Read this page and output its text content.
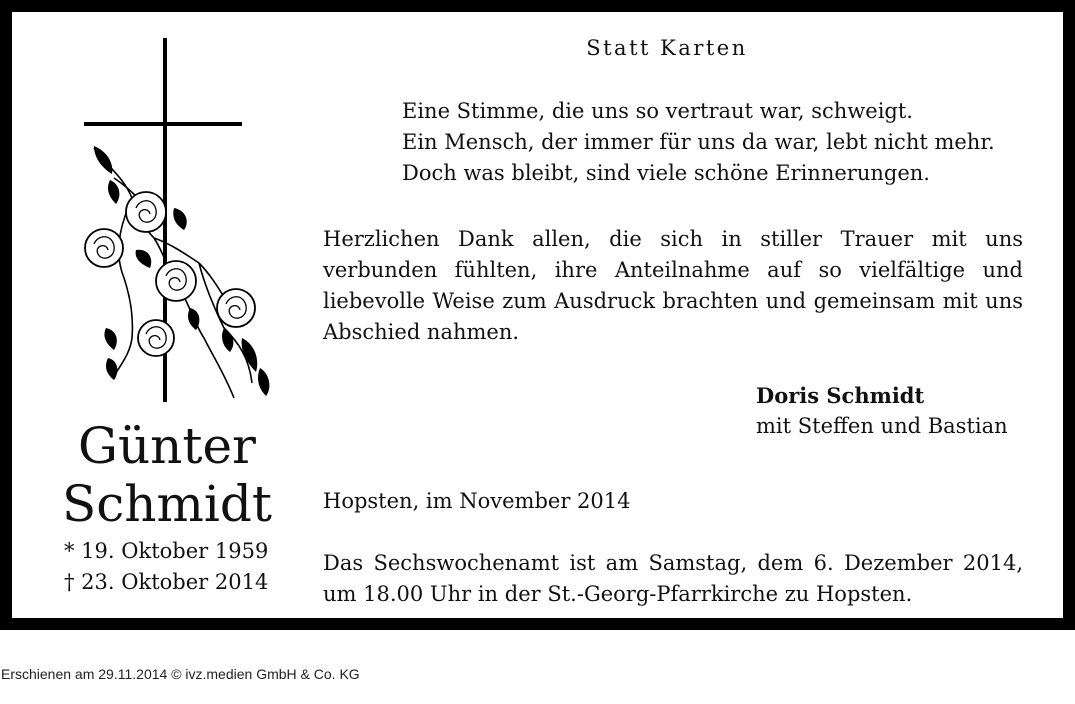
Günter
Schmidt
* 19. Oktober 1959
† 23. Oktober 2014
Statt Karten
Eine Stimme, die uns so vertraut war, schweigt.
Ein Mensch, der immer für uns da war, lebt nicht mehr.
Doch was bleibt, sind viele schöne Erinnerungen.
Herzlichen Dank allen, die sich in stiller Trauer mit uns verbunden fühlten, ihre Anteilnahme auf so vielfältige und liebevolle Weise zum Ausdruck brachten und gemeinsam mit uns Abschied nahmen.
Doris Schmidt
mit Steffen und Bastian
Hopsten, im November 2014
Das Sechswochenamt ist am Samstag, dem 6. Dezember 2014, um 18.00 Uhr in der St.-Georg-Pfarrkirche zu Hopsten.
Erschienen am 29.11.2014 © ivz.medien GmbH & Co. KG
